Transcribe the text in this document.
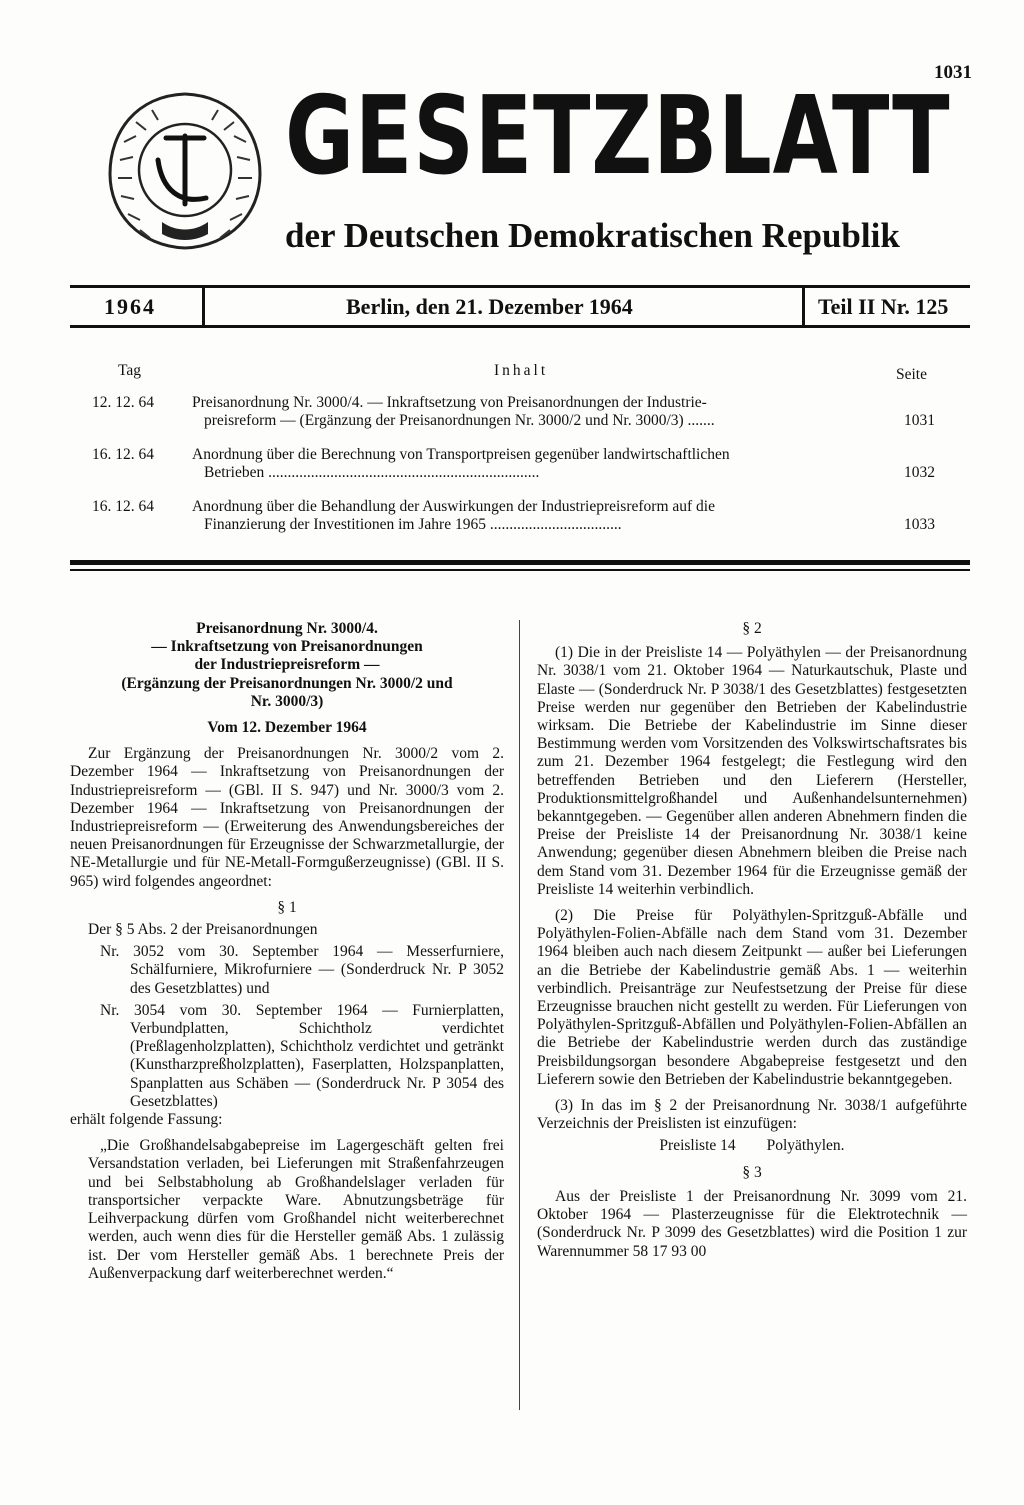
1031
GESETZBLATT
der Deutschen Demokratischen Republik
1964	Berlin, den 21. Dezember 1964	Teil II Nr. 125
Tag	Inhalt	Seite
12. 12. 64 Preisanordnung Nr. 3000/4. — Inkraftsetzung von Preisanordnungen der Industrie-
preisreform — (Ergänzung der Preisanordnungen Nr. 3000/2 und Nr. 3000/3) .......	1031
16. 12. 64 Anordnung über die Berechnung von Transportpreisen gegenüber landwirtschaftlichen
Betrieben ......................................................................	1032
16. 12. 64 Anordnung über die Behandlung der Auswirkungen der Industriepreisreform auf die
Finanzierung der Investitionen im Jahre 1965 ..................................	1033

Preisanordnung Nr. 3000/4.

— Inkraftsetzung von Preisanordnungen

der Industriepreisreform —

(Ergänzung der Preisanordnungen Nr. 3000/2 und

Nr. 3000/3)

Vom 12. Dezember 1964

Zur Ergänzung der Preisanordnungen Nr. 3000/2 vom 2. Dezember 1964 — Inkraftsetzung von Preisanordnungen der Industriepreisreform — (GBl. II S. 947) und Nr. 3000/3 vom 2. Dezember 1964 — Inkraftsetzung von Preisanordnungen der Industriepreisreform — (Erweiterung des Anwendungsbereiches der neuen Preisanordnungen für Erzeugnisse der Schwarzmetallurgie, der NE-Metallurgie und für NE-Metall-Formgußerzeugnisse) (GBl. II S. 965) wird folgendes angeordnet:

§ 1

Der § 5 Abs. 2 der Preisanordnungen

Nr. 3052 vom 30. September 1964 — Messerfurniere, Schälfurniere, Mikrofurniere — (Sonderdruck Nr. P 3052 des Gesetzblattes) und

Nr. 3054 vom 30. September 1964 — Furnierplatten, Verbundplatten, Schichtholz verdichtet (Preßlagenholzplatten), Schichtholz verdichtet und getränkt (Kunstharzpreßholzplatten), Faserplatten, Holzspanplatten, Spanplatten aus Schäben — (Sonderdruck Nr. P 3054 des Gesetzblattes)

erhält folgende Fassung:

„Die Großhandelsabgabepreise im Lagergeschäft gelten frei Versandstation verladen, bei Lieferungen mit Straßenfahrzeugen und bei Selbstabholung ab Großhandelslager verladen für transportsicher verpackte Ware. Abnutzungsbeträge für Leihverpackung dürfen vom Großhandel nicht weiterberechnet werden, auch wenn dies für die Hersteller gemäß Abs. 1 zulässig ist. Der vom Hersteller gemäß Abs. 1 berechnete Preis der Außenverpackung darf weiterberechnet werden.“

§ 2

(1) Die in der Preisliste 14 — Polyäthylen — der Preisanordnung Nr. 3038/1 vom 21. Oktober 1964 — Naturkautschuk, Plaste und Elaste — (Sonderdruck Nr. P 3038/1 des Gesetzblattes) festgesetzten Preise werden nur gegenüber den Betrieben der Kabelindustrie wirksam. Die Betriebe der Kabelindustrie im Sinne dieser Bestimmung werden vom Vorsitzenden des Volkswirtschaftsrates bis zum 21. Dezember 1964 festgelegt; die Festlegung wird den betreffenden Betrieben und den Lieferern (Hersteller, Produktionsmittelgroßhandel und Außenhandelsunternehmen) bekanntgegeben. — Gegenüber allen anderen Abnehmern finden die Preise der Preisliste 14 der Preisanordnung Nr. 3038/1 keine Anwendung; gegenüber diesen Abnehmern bleiben die Preise nach dem Stand vom 31. Dezember 1964 für die Erzeugnisse gemäß der Preisliste 14 weiterhin verbindlich.

(2) Die Preise für Polyäthylen-Spritzguß-Abfälle und Polyäthylen-Folien-Abfälle nach dem Stand vom 31. Dezember 1964 bleiben auch nach diesem Zeitpunkt — außer bei Lieferungen an die Betriebe der Kabelindustrie gemäß Abs. 1 — weiterhin verbindlich. Preisanträge zur Neufestsetzung der Preise für diese Erzeugnisse brauchen nicht gestellt zu werden. Für Lieferungen von Polyäthylen-Spritzguß-Abfällen und Polyäthylen-Folien-Abfällen an die Betriebe der Kabelindustrie werden durch das zuständige Preisbildungsorgan besondere Abgabepreise festgesetzt und den Lieferern sowie den Betrieben der Kabelindustrie bekanntgegeben.

(3) In das im § 2 der Preisanordnung Nr. 3038/1 aufgeführte Verzeichnis der Preislisten ist einzufügen:

Preisliste 14        Polyäthylen.

§ 3

Aus der Preisliste 1 der Preisanordnung Nr. 3099 vom 21. Oktober 1964 — Plasterzeugnisse für die Elektrotechnik — (Sonderdruck Nr. P 3099 des Gesetzblattes) wird die Position 1 zur Warennummer 58 17 93 00
